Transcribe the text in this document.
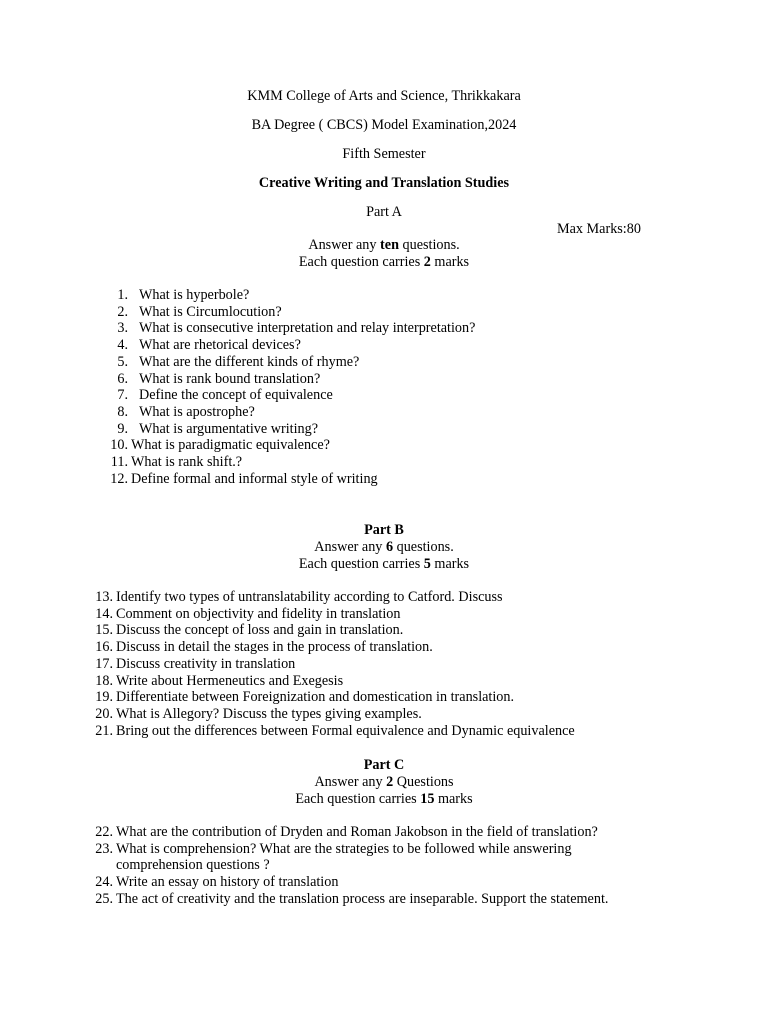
KMM College of Arts and Science, Thrikkakara
BA Degree ( CBCS) Model Examination,2024
Fifth Semester
Creative Writing and Translation Studies
Part A
Max Marks:80
Answer any ten questions.
Each question carries 2 marks
1. What is hyperbole?
2. What is Circumlocution?
3. What is consecutive interpretation and relay interpretation?
4. What are rhetorical devices?
5. What are the different kinds of rhyme?
6. What is rank bound translation?
7. Define the concept of equivalence
8. What is apostrophe?
9. What is argumentative writing?
10. What is paradigmatic equivalence?
11. What is rank shift.?
12. Define formal and informal style of writing
Part B
Answer any 6 questions.
Each question carries 5 marks
13. Identify two types of untranslatability according to Catford. Discuss
14. Comment on objectivity and fidelity in translation
15. Discuss the concept of loss and gain in translation.
16. Discuss in detail the stages in the process of translation.
17. Discuss creativity in translation
18. Write about Hermeneutics and Exegesis
19. Differentiate between Foreignization and domestication in translation.
20. What is Allegory? Discuss the types giving examples.
21. Bring out the differences between Formal equivalence and Dynamic equivalence
Part C
Answer any 2 Questions
Each question carries 15 marks
22. What are the contribution of Dryden and Roman Jakobson in the field of translation?
23. What is comprehension? What are the strategies to be followed while answering
comprehension questions ?
24. Write an essay on history of translation
25. The act of creativity and the translation process are inseparable. Support the statement.
